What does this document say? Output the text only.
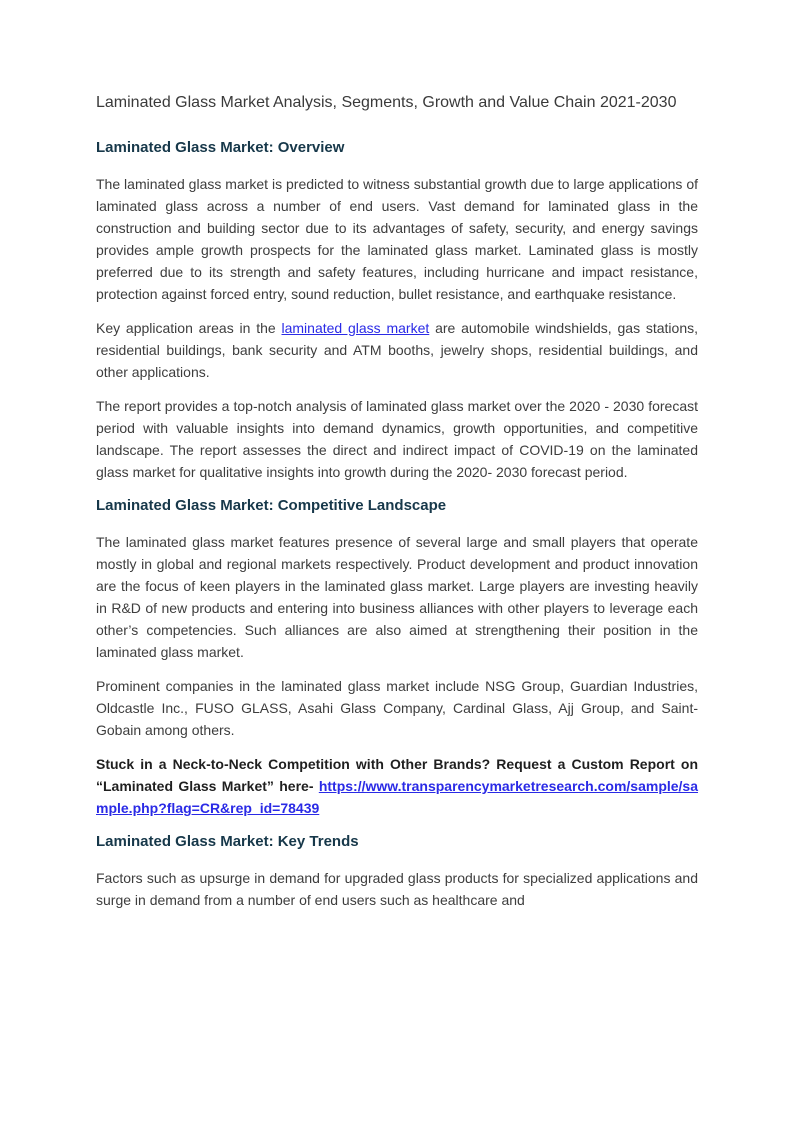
Laminated Glass Market Analysis, Segments, Growth and Value Chain 2021-2030
Laminated Glass Market: Overview

The laminated glass market is predicted to witness substantial growth due to large applications of laminated glass across a number of end users. Vast demand for laminated glass in the construction and building sector due to its advantages of safety, security, and energy savings provides ample growth prospects for the laminated glass market. Laminated glass is mostly preferred due to its strength and safety features, including hurricane and impact resistance, protection against forced entry, sound reduction, bullet resistance, and earthquake resistance.

Key application areas in the laminated glass market are automobile windshields, gas stations, residential buildings, bank security and ATM booths, jewelry shops, residential buildings, and other applications.

The report provides a top-notch analysis of laminated glass market over the 2020 - 2030 forecast period with valuable insights into demand dynamics, growth opportunities, and competitive landscape. The report assesses the direct and indirect impact of COVID-19 on the laminated glass market for qualitative insights into growth during the 2020- 2030 forecast period.

Laminated Glass Market: Competitive Landscape

The laminated glass market features presence of several large and small players that operate mostly in global and regional markets respectively. Product development and product innovation are the focus of keen players in the laminated glass market. Large players are investing heavily in R&D of new products and entering into business alliances with other players to leverage each other’s competencies. Such alliances are also aimed at strengthening their position in the laminated glass market.

Prominent companies in the laminated glass market include NSG Group, Guardian Industries, Oldcastle Inc., FUSO GLASS, Asahi Glass Company, Cardinal Glass, Ajj Group, and Saint-Gobain among others.

Stuck in a Neck-to-Neck Competition with Other Brands? Request a Custom Report on “Laminated Glass Market” here- https://www.transparencymarketresearch.com/sample/sample.php?flag=CR&rep_id=78439

Laminated Glass Market: Key Trends

Factors such as upsurge in demand for upgraded glass products for specialized applications and surge in demand from a number of end users such as healthcare and
